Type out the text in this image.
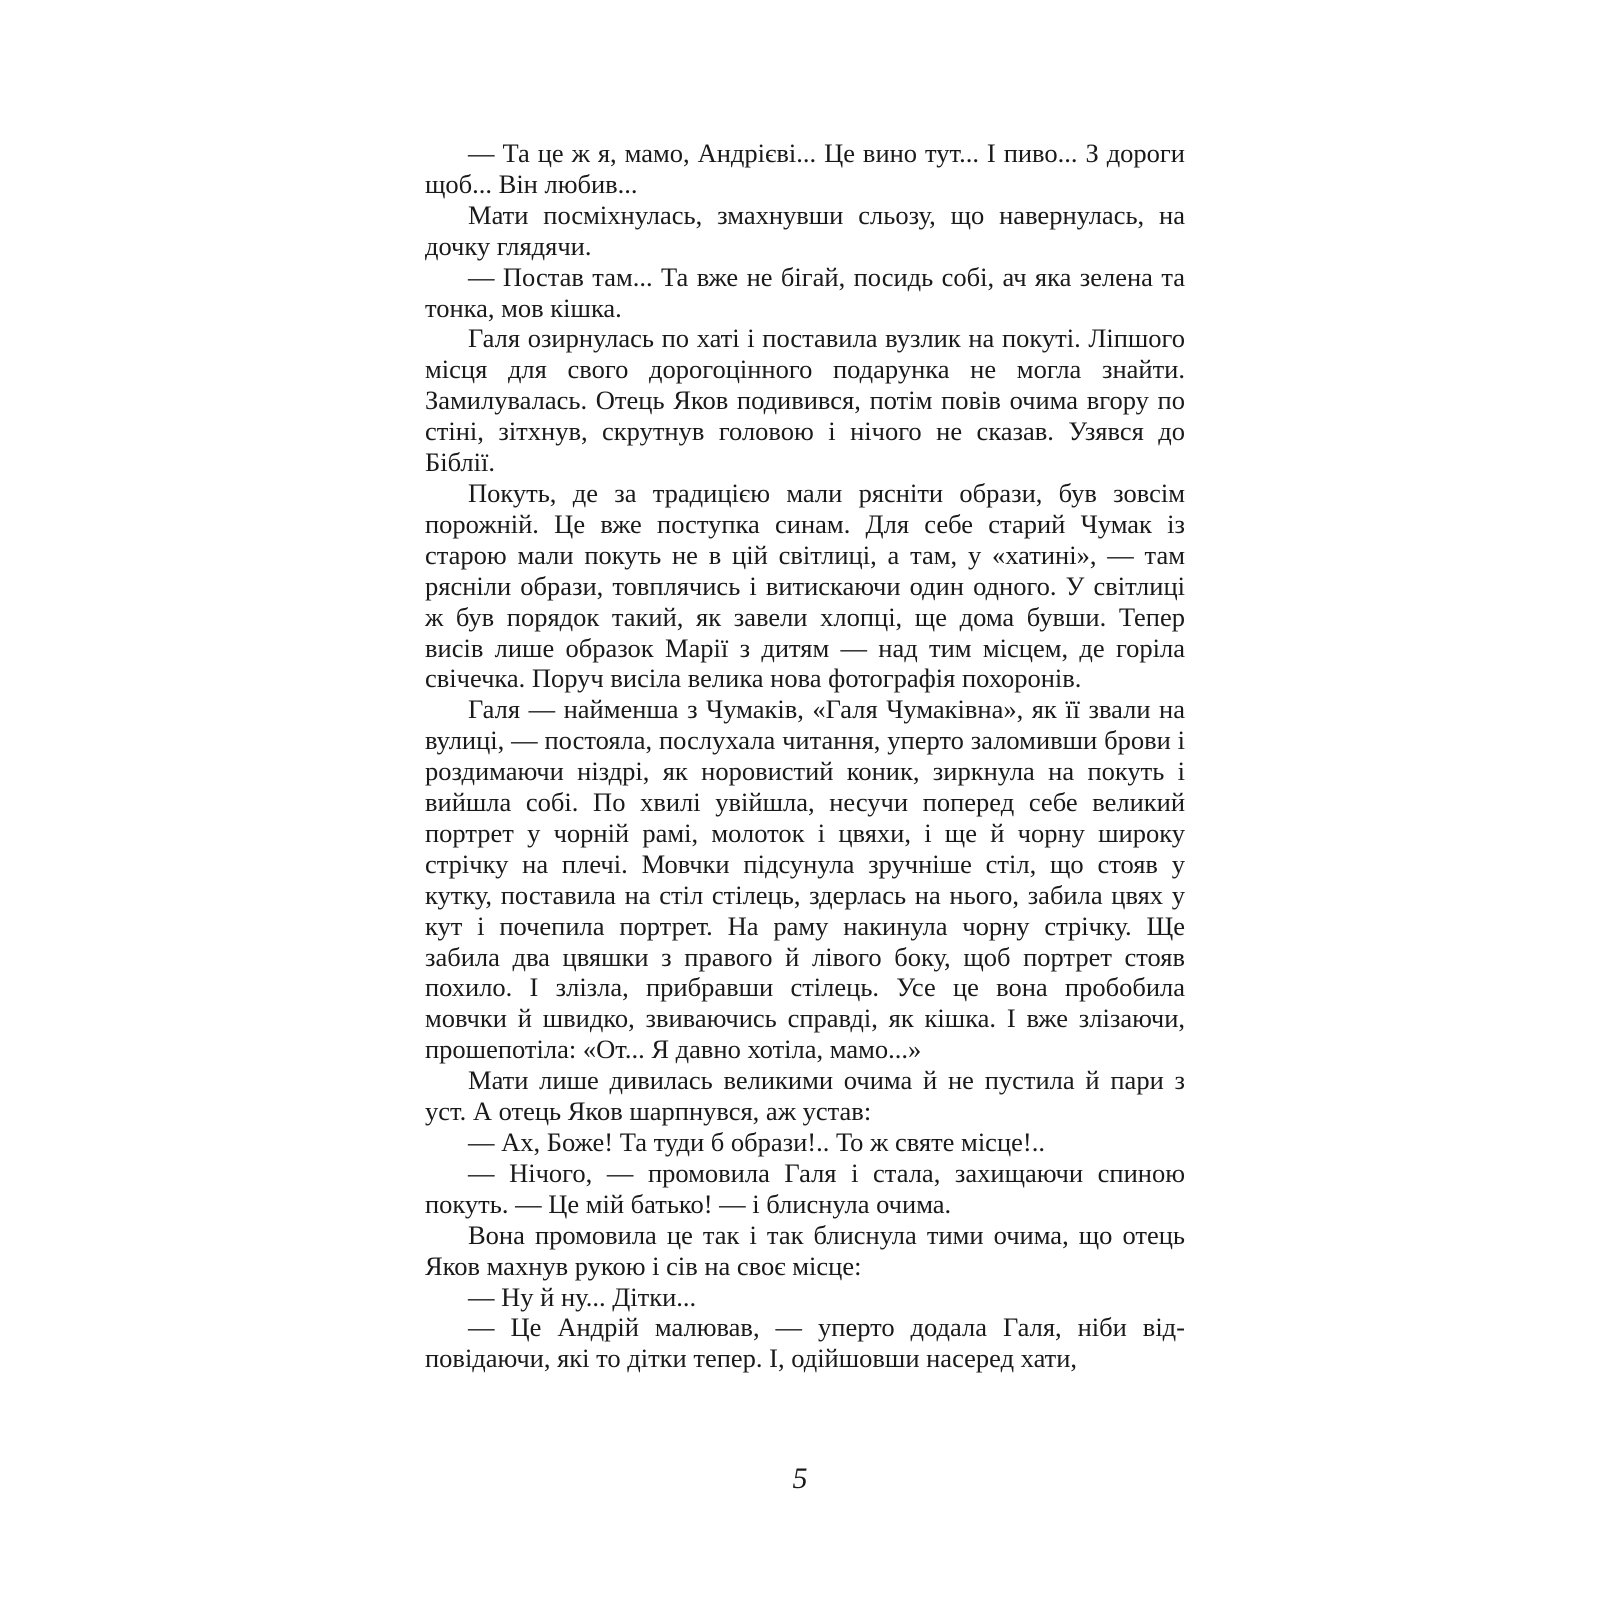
— Та це ж я, мамо, Андрієві... Це вино тут... І пиво... З дороги щоб... Він любив...

Мати посміхнулась, змахнувши сльозу, що навернулась, на дочку глядячи.

— Постав там... Та вже не бігай, посидь собі, ач яка зелена та тонка, мов кішка.

Галя озирнулась по хаті і поставила вузлик на покуті. Ліпшого місця для свого дорогоцінного подарунка не могла знайти. Замилувалась. Отець Яков подивився, потім повів очима вгору по стіні, зітхнув, скрутнув головою і нічого не сказав. Узявся до Біблії.

Покуть, де за традицією мали рясніти образи, був зовсім порожній. Це вже поступка синам. Для себе старий Чумак із старою мали покуть не в цій світлиці, а там, у «хатині», — там рясніли образи, товплячись і витискаючи один одного. У світлиці ж був порядок такий, як завели хлопці, ще дома бувши. Тепер висів лише образок Марії з дитям — над тим місцем, де горіла свічечка. Поруч висіла велика нова фотографія похоронів.

Галя — найменша з Чумаків, «Галя Чумаківна», як її звали на вулиці, — постояла, послухала читання, уперто заломивши брови і роздимаючи ніздрі, як норовистий коник, зиркнула на покуть і вийшла собі. По хвилі увійшла, несучи поперед себе великий портрет у чорній рамі, молоток і цвяхи, і ще й чорну широку стрічку на плечі. Мовчки підсунула зручніше стіл, що стояв у кутку, поставила на стіл стілець, здерлась на нього, забила цвях у кут і почепила портрет. На раму накинула чорну стрічку. Ще забила два цвяшки з правого й лівого боку, щоб портрет стояв похило. І злізла, прибравши стілець. Усе це вона пробобила мовчки й швидко, звиваючись справді, як кішка. І вже злізаючи, прошепотіла: «От... Я давно хотіла, мамо...»

Мати лише дивилась великими очима й не пустила й пари з уст. А отець Яков шарпнувся, аж устав:

— Ах, Боже! Та туди б образи!.. То ж святе місце!..

— Нічого, — промовила Галя і стала, захищаючи спиною покуть. — Це мій батько! — і блиснула очима.

Вона промовила це так і так блиснула тими очима, що отець Яков махнув рукою і сів на своє місце:

— Ну й ну... Дітки...

— Це Андрій малював, — уперто додала Галя, ніби відповідаючи, які то дітки тепер. І, одійшовши насеред хати,

5
